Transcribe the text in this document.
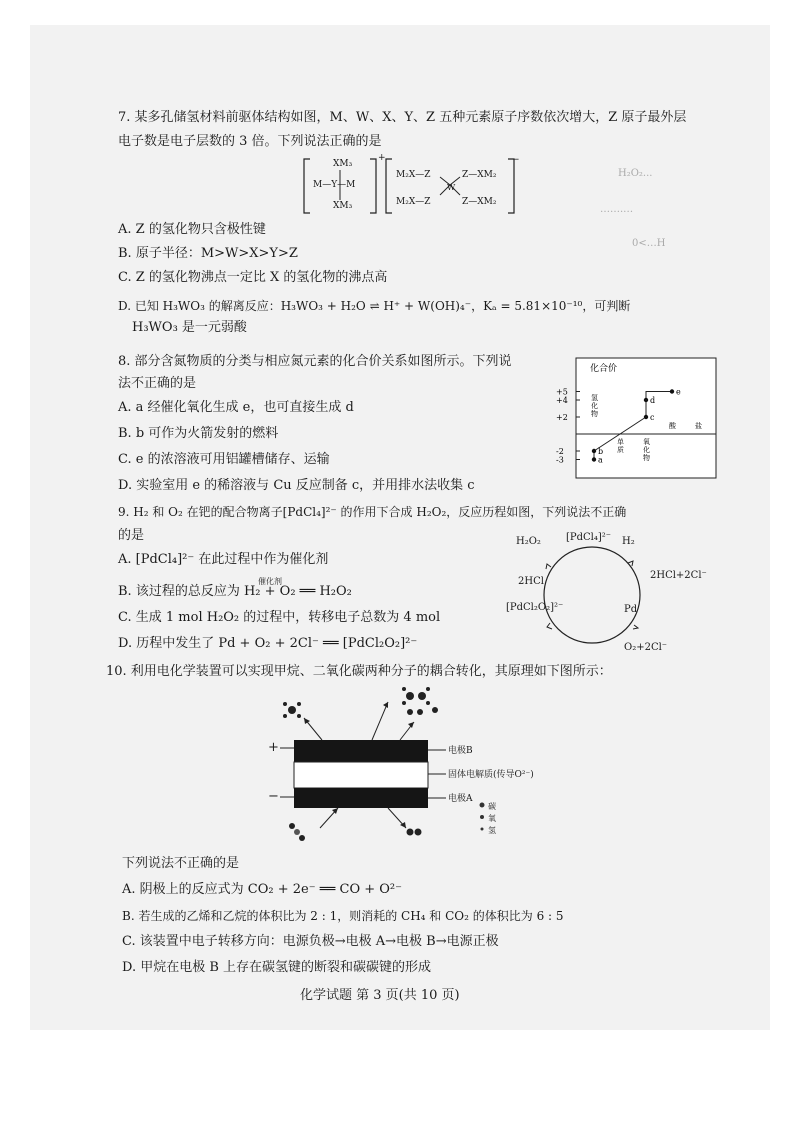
7. 某多孔储氢材料前驱体结构如图，M、W、X、Y、Z 五种元素原子序数依次增大，Z 原子最外层
电子数是电子层数的 3 倍。下列说法正确的是
XM₃
M—Y—M
XM₃
+
M₂X—Z	Z—XM₂
W
M₂X—Z	Z—XM₂
−
A. Z 的氢化物只含极性键
B. 原子半径：M>W>X>Y>Z
C. Z 的氢化物沸点一定比 X 的氢化物的沸点高
D. 已知 H₃WO₃ 的解离反应：H₃WO₃ + H₂O ⇌ H⁺ + W(OH)₄⁻，Kₐ = 5.81×10⁻¹⁰，可判断
H₃WO₃ 是一元弱酸
H₂O₂...
…….…
0<…H
8. 部分含氮物质的分类与相应氮元素的化合价关系如图所示。下列说
法不正确的是
A. a 经催化氧化生成 e，也可直接生成 d
B. b 可作为火箭发射的燃料
C. e 的浓溶液可用铝罐槽储存、运输
D. 实验室用 e 的稀溶液与 Cu 反应制备 c，并用排水法收集 c
化合价
+5
+4
+2
-2
-3
氢化物
单质
氧化物
酸	盐
a
b
c
d
e
9. H₂ 和 O₂ 在钯的配合物离子[PdCl₄]²⁻ 的作用下合成 H₂O₂，反应历程如图，下列说法不正确
的是
A. [PdCl₄]²⁻ 在此过程中作为催化剂
B. 该过程的总反应为 H₂ + O₂ ══ H₂O₂
催化剂
C. 生成 1 mol H₂O₂ 的过程中，转移电子总数为 4 mol
D. 历程中发生了 Pd + O₂ + 2Cl⁻ ══ [PdCl₂O₂]²⁻
[PdCl₄]²⁻
H₂O₂	H₂
2HCl
2HCl+2Cl⁻
[PdCl₂O₂]²⁻	Pd
O₂+2Cl⁻
10. 利用电化学装置可以实现甲烷、二氧化碳两种分子的耦合转化，其原理如下图所示：
+
−
电极B
固体电解质(传导O²⁻)
电极A
碳
氧
氢
下列说法不正确的是
A. 阴极上的反应式为 CO₂ + 2e⁻ ══ CO + O²⁻
B. 若生成的乙烯和乙烷的体积比为 2 : 1，则消耗的 CH₄ 和 CO₂ 的体积比为 6 : 5
C. 该装置中电子转移方向：电源负极→电极 A→电极 B→电源正极
D. 甲烷在电极 B 上存在碳氢键的断裂和碳碳键的形成
化学试题 第 3 页(共 10 页)
